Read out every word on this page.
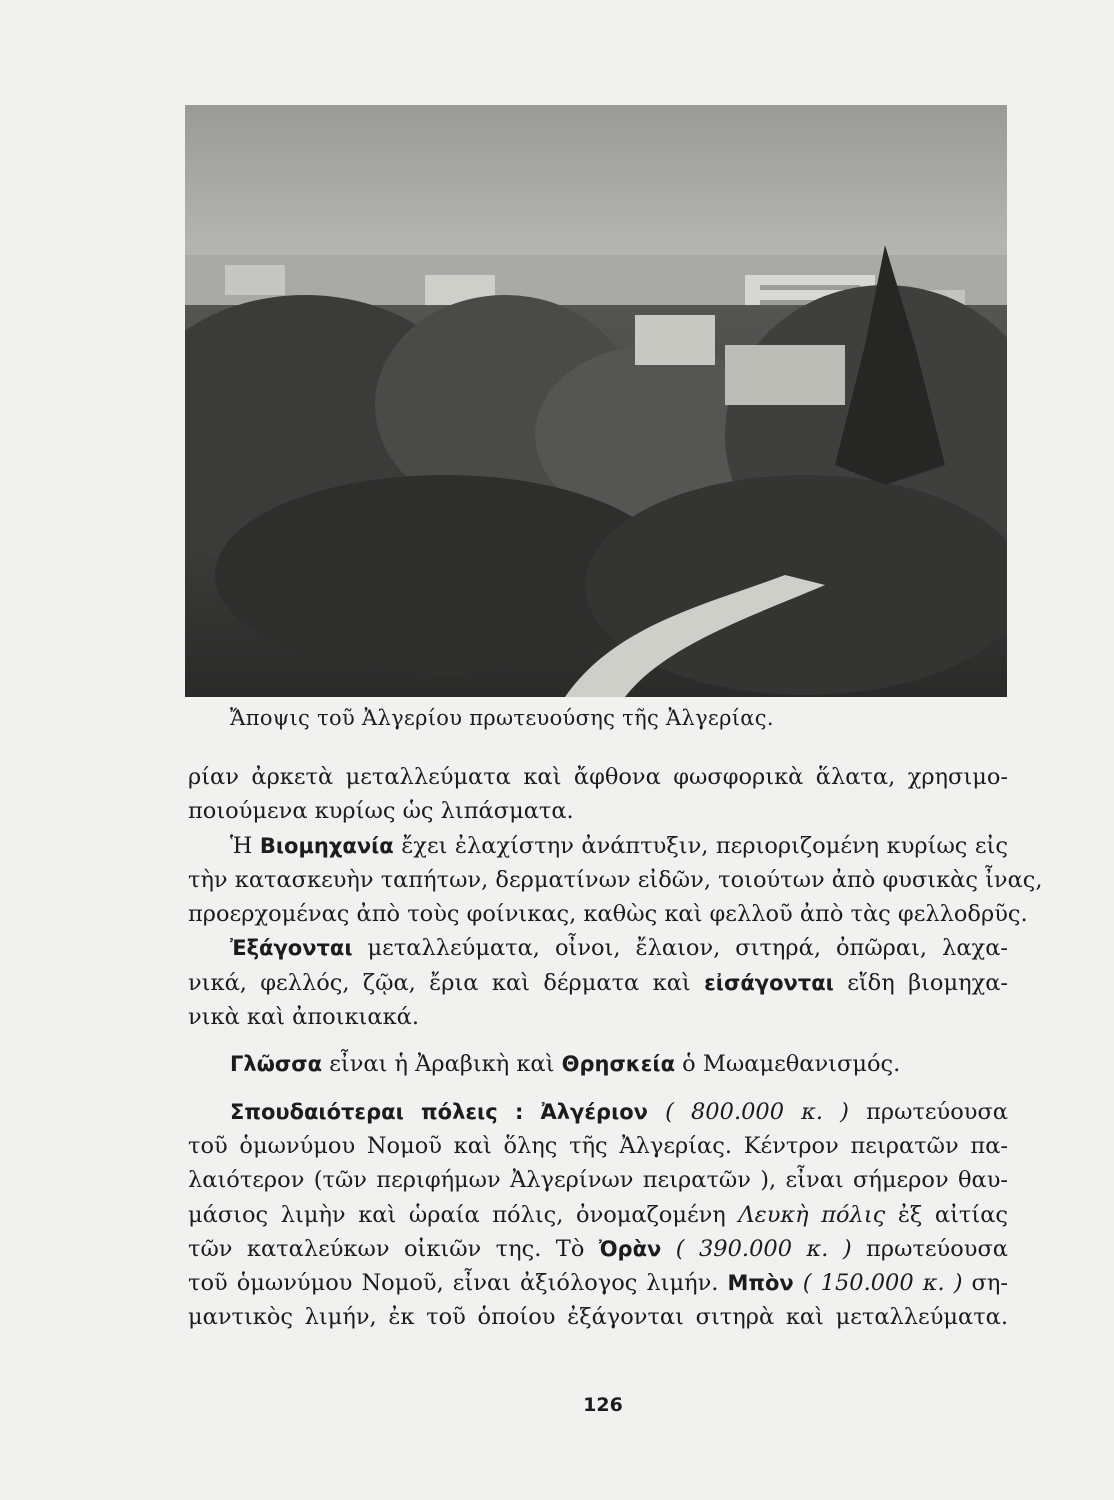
Ἄποψις τοῦ Ἀλγερίου πρωτευούσης τῆς Ἀλγερίας.
ρίαν ἀρκετὰ μεταλλεύματα καὶ ἄφθονα φωσφορικὰ ἅλατα, χρησιμο-
ποιούμενα κυρίως ὡς λιπάσματα.
Ἡ Βιομηχανία ἔχει ἐλαχίστην ἀνάπτυξιν, περιοριζομένη κυρίως εἰς
τὴν κατασκευὴν ταπήτων, δερματίνων εἰδῶν, τοιούτων ἀπὸ φυσικὰς ἶνας,
προερχομένας ἀπὸ τοὺς φοίνικας, καθὼς καὶ φελλοῦ ἀπὸ τὰς φελλοδρῦς.
Ἐξάγονται μεταλλεύματα, οἶνοι, ἔλαιον, σιτηρά, ὀπῶραι, λαχα-
νικά, φελλός, ζῷα, ἔρια καὶ δέρματα καὶ εἰσάγονται εἴδη βιομηχα-
νικὰ καὶ ἀποικιακά.
Γλῶσσα εἶναι ἡ Ἀραβικὴ καὶ Θρησκεία ὁ Μωαμεθανισμός.
Σπουδαιότεραι πόλεις : Ἀλγέριον ( 800.000 κ. ) πρωτεύουσα
τοῦ ὁμωνύμου Νομοῦ καὶ ὅλης τῆς Ἀλγερίας. Κέντρον πειρατῶν πα-
λαιότερον (τῶν περιφήμων Ἀλγερίνων πειρατῶν ), εἶναι σήμερον θαυ-
μάσιος λιμὴν καὶ ὡραία πόλις, ὀνομαζομένη Λευκὴ πόλις ἐξ αἰτίας
τῶν καταλεύκων οἰκιῶν της. Τὸ Ὀρὰν ( 390.000 κ. ) πρωτεύουσα
τοῦ ὁμωνύμου Νομοῦ, εἶναι ἀξιόλογος λιμήν. Μπὸν ( 150.000 κ. ) ση-
μαντικὸς λιμήν, ἐκ τοῦ ὁποίου ἐξάγονται σιτηρὰ καὶ μεταλλεύματα.
126
